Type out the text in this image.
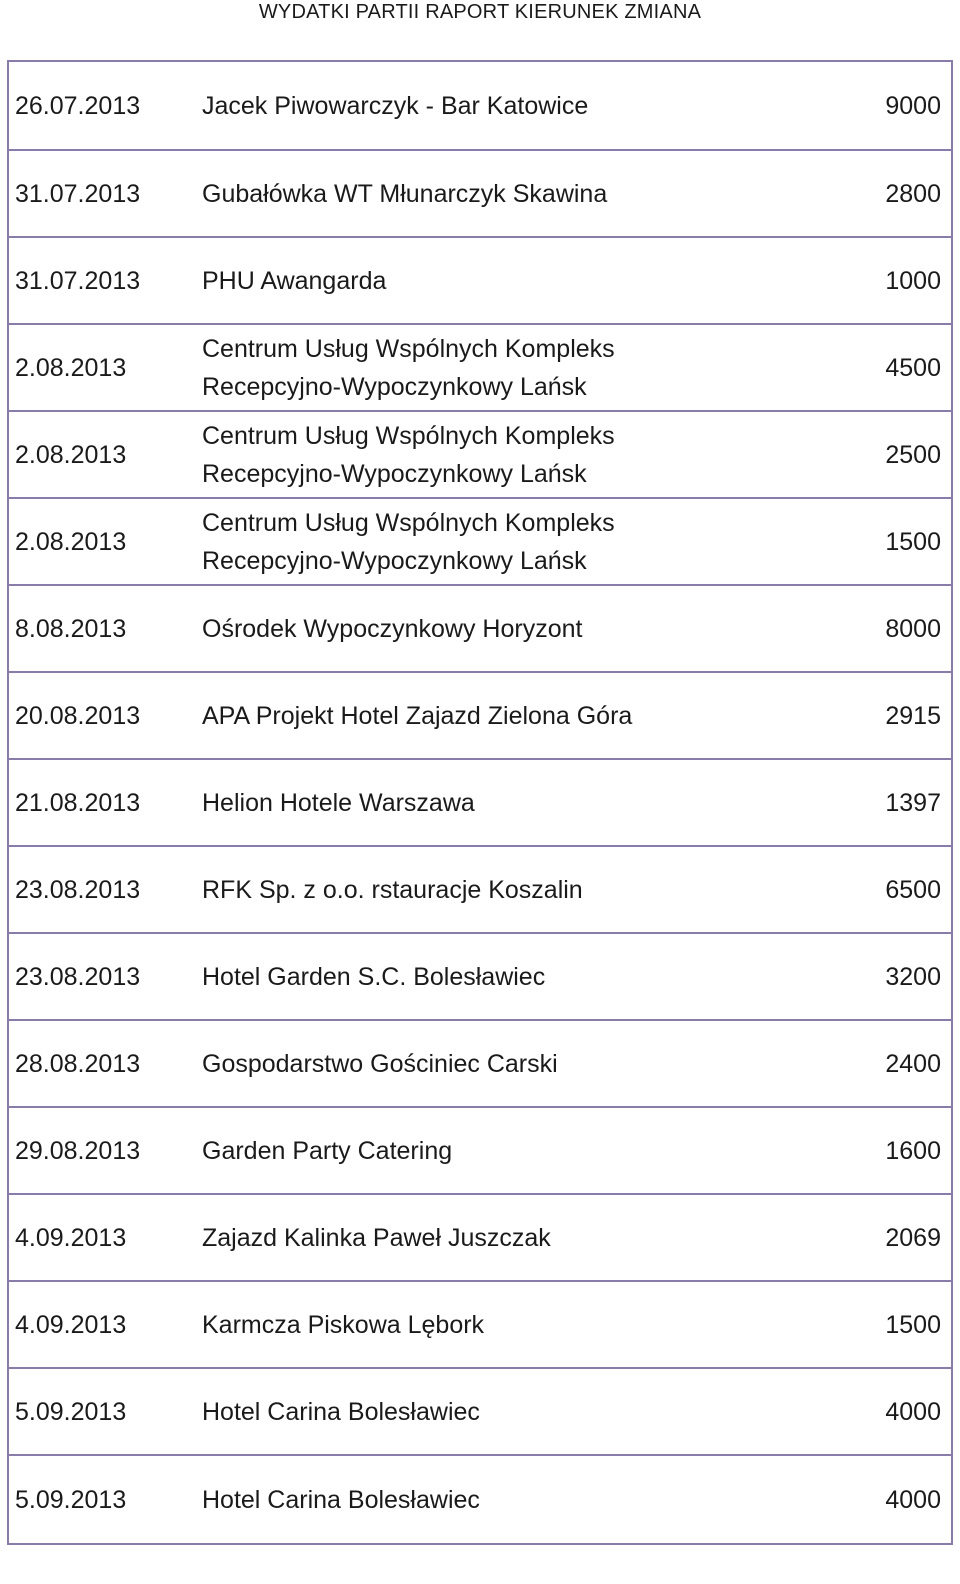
WYDATKI PARTII RAPORT KIERUNEK ZMIANA
26.07.2013	Jacek Piwowarczyk - Bar Katowice	9000
31.07.2013	Gubałówka WT Młunarczyk Skawina	2800
31.07.2013	PHU Awangarda	1000
2.08.2013	Centrum Usług Wspólnych Kompleks
Recepcyjno-Wypoczynkowy Lańsk	4500
2.08.2013	Centrum Usług Wspólnych Kompleks
Recepcyjno-Wypoczynkowy Lańsk	2500
2.08.2013	Centrum Usług Wspólnych Kompleks
Recepcyjno-Wypoczynkowy Lańsk	1500
8.08.2013	Ośrodek Wypoczynkowy Horyzont	8000
20.08.2013	APA Projekt Hotel Zajazd Zielona Góra	2915
21.08.2013	Helion Hotele Warszawa	1397
23.08.2013	RFK Sp. z o.o. rstauracje Koszalin	6500
23.08.2013	Hotel Garden S.C. Bolesławiec	3200
28.08.2013	Gospodarstwo Gościniec Carski	2400
29.08.2013	Garden Party Catering	1600
4.09.2013	Zajazd Kalinka Paweł Juszczak	2069
4.09.2013	Karmcza Piskowa Lębork	1500
5.09.2013	Hotel Carina Bolesławiec	4000
5.09.2013	Hotel Carina Bolesławiec	4000
